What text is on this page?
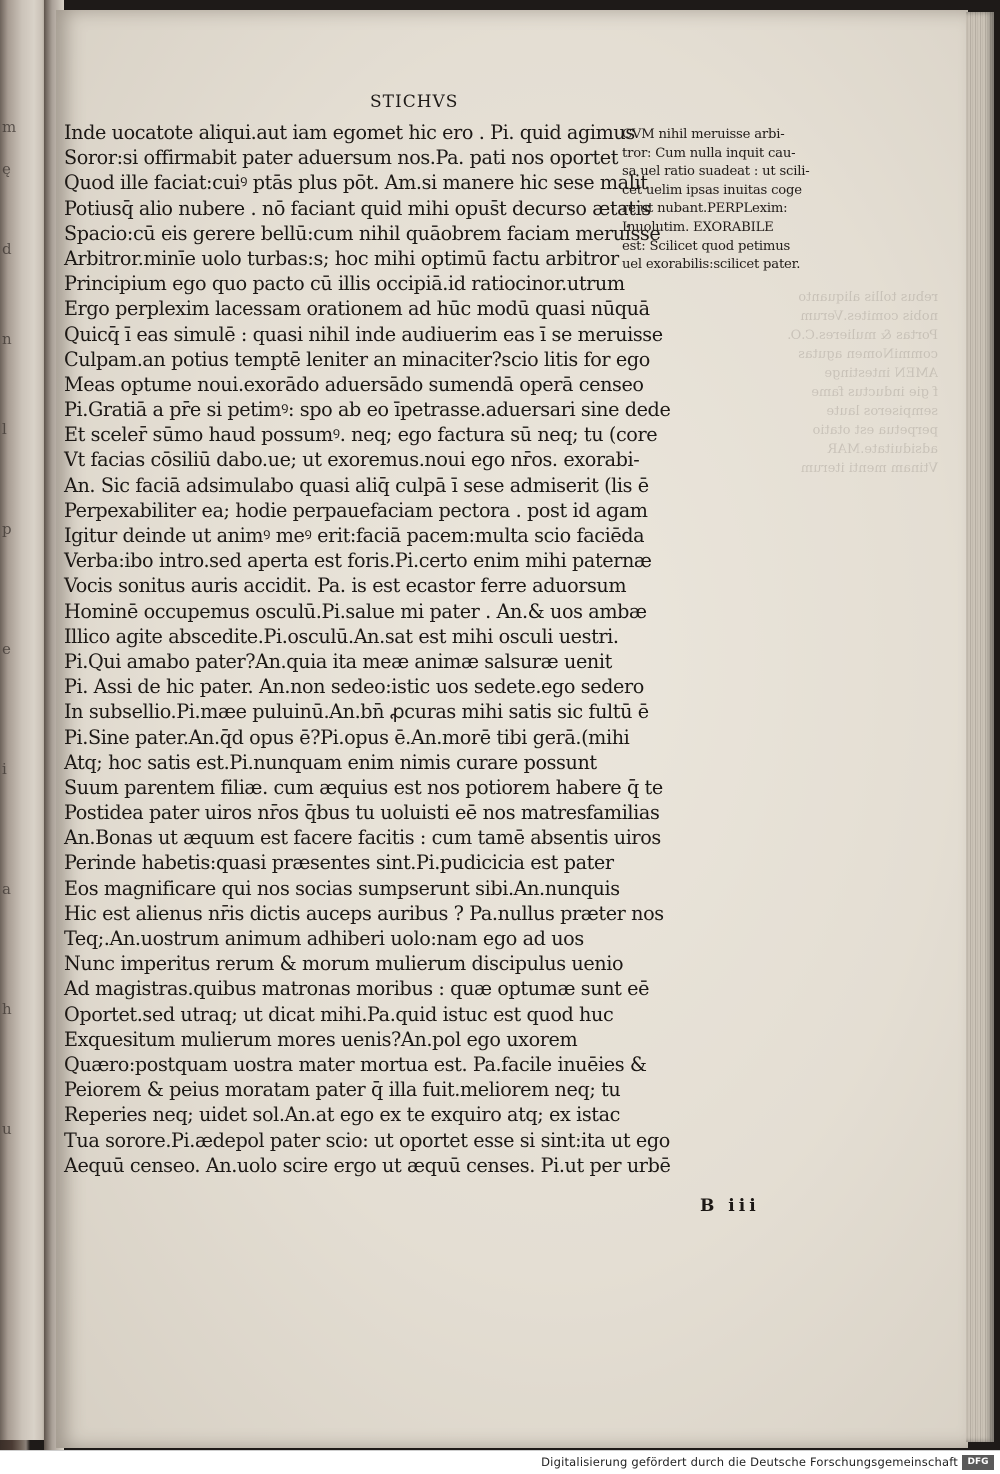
m
ę
d
n
l
p
e
i
a
h
u
STICHVS
Inde uocatote aliqui.aut iam egomet hic ero . Pi. quid agimus
Soror:si offirmabit pater aduersum nos.Pa. pati nos oportet
Quod ille faciat:cuiꝰ ptās plus pōt. Am.si manere hic sese malit
Potiusq̄ alio nubere . nō faciant quid mihi opus̄t decurso ætatis
Spacio:cū eis gerere bellū:cum nihil quāobrem faciam meruisse
Arbitror.minīe uolo turbas:s; hoc mihi optimū factu arbitror
Principium ego quo pacto cū illis occipiā.id ratiocinor.utrum
Ergo perplexim lacessam orationem ad hūc modū quasi nūquā
Quicq̄ ī eas simulē : quasi nihil inde audiuerim eas ī se meruisse
Culpam.an potius temptē leniter an minaciter?scio litis for ego
Meas optume noui.exorādo aduersādo sumendā operā censeo
Pi.Gratiā a pr̄e si petimꝰ: spo ab eo īpetrasse.aduersari sine dede
Et sceler̄ sūmo haud possumꝰ. neq; ego factura sū neq; tu (core
Vt facias cōsiliū dabo.ue; ut exoremus.noui ego nr̄os. exorabi-
An. Sic faciā adsimulabo quasi aliq̄ culpā ī sese admiserit (lis ē
Perpexabiliter ea; hodie perpauefaciam pectora . post id agam
Igitur deinde ut animꝰ meꝰ erit:faciā pacem:multa scio faciēda
Verba:ibo intro.sed aperta est foris.Pi.certo enim mihi paternæ
Vocis sonitus auris accidit. Pa. is est ecastor ferre aduorsum
Hominē occupemus osculū.Pi.salue mi pater . An.& uos ambæ
Illico agite abscedite.Pi.osculū.An.sat est mihi osculi uestri.
Pi.Qui amabo pater?An.quia ita meæ animæ salsuræ uenit
Pi. Assi de hic pater. An.non sedeo:istic uos sedete.ego sedero
In subsellio.Pi.mæe puluinū.An.bn̄ ꝓcuras mihi satis sic fultū ē
Pi.Sine pater.An.q̄d opus ē?Pi.opus ē.An.morē tibi gerā.(mihi
Atq; hoc satis est.Pi.nunquam enim nimis curare possunt
Suum parentem filiæ. cum æquius est nos potiorem habere q̄ te
Postidea pater uiros nr̄os q̄bus tu uoluisti eē nos matresfamilias
An.Bonas ut æquum est facere facitis : cum tamē absentis uiros
Perinde habetis:quasi præsentes sint.Pi.pudicicia est pater
Eos magnificare qui nos socias sumpserunt sibi.An.nunquis
Hic est alienus nr̄is dictis auceps auribus ? Pa.nullus præter nos
Teq;.An.uostrum animum adhiberi uolo:nam ego ad uos
Nunc imperitus rerum & morum mulierum discipulus uenio
Ad magistras.quibus matronas moribus : quæ optumæ sunt eē
Oportet.sed utraq; ut dicat mihi.Pa.quid istuc est quod huc
Exquesitum mulierum mores uenis?An.pol ego uxorem
Quæro:postquam uostra mater mortua est. Pa.facile inuēies &
Peiorem & peius moratam pater q̄ illa fuit.meliorem neq; tu
Reperies neq; uidet sol.An.at ego ex te exquiro atq; ex istac
Tua sorore.Pi.ædepol pater scio: ut oportet esse si sint:ita ut ego
Aequū censeo. An.uolo scire ergo ut æquū censes. Pi.ut per urbē
CVM nihil meruisse arbi-
tror: Cum nulla inquit cau-
sa uel ratio suadeat : ut scili-
cet uelim ipsas inuitas coge
re ut nubant.PERPLexim:
Inuolutim. EXORABILE
est: Scilicet quod petimus
uel exorabilis:scilicet pater.
rebus tollis aliquanto
nobis comites.Verum
Portas & mulieres.C.O.
commiNomen agutas
AMEN intestinge
f gie inductus fame
sempiseros laute
perpetua est otatio
adsiduitate.MAR
Vtinam menti iterum
B iii
Digitalisierung gefördert durch die Deutsche Forschungsgemeinschaft	DFG
